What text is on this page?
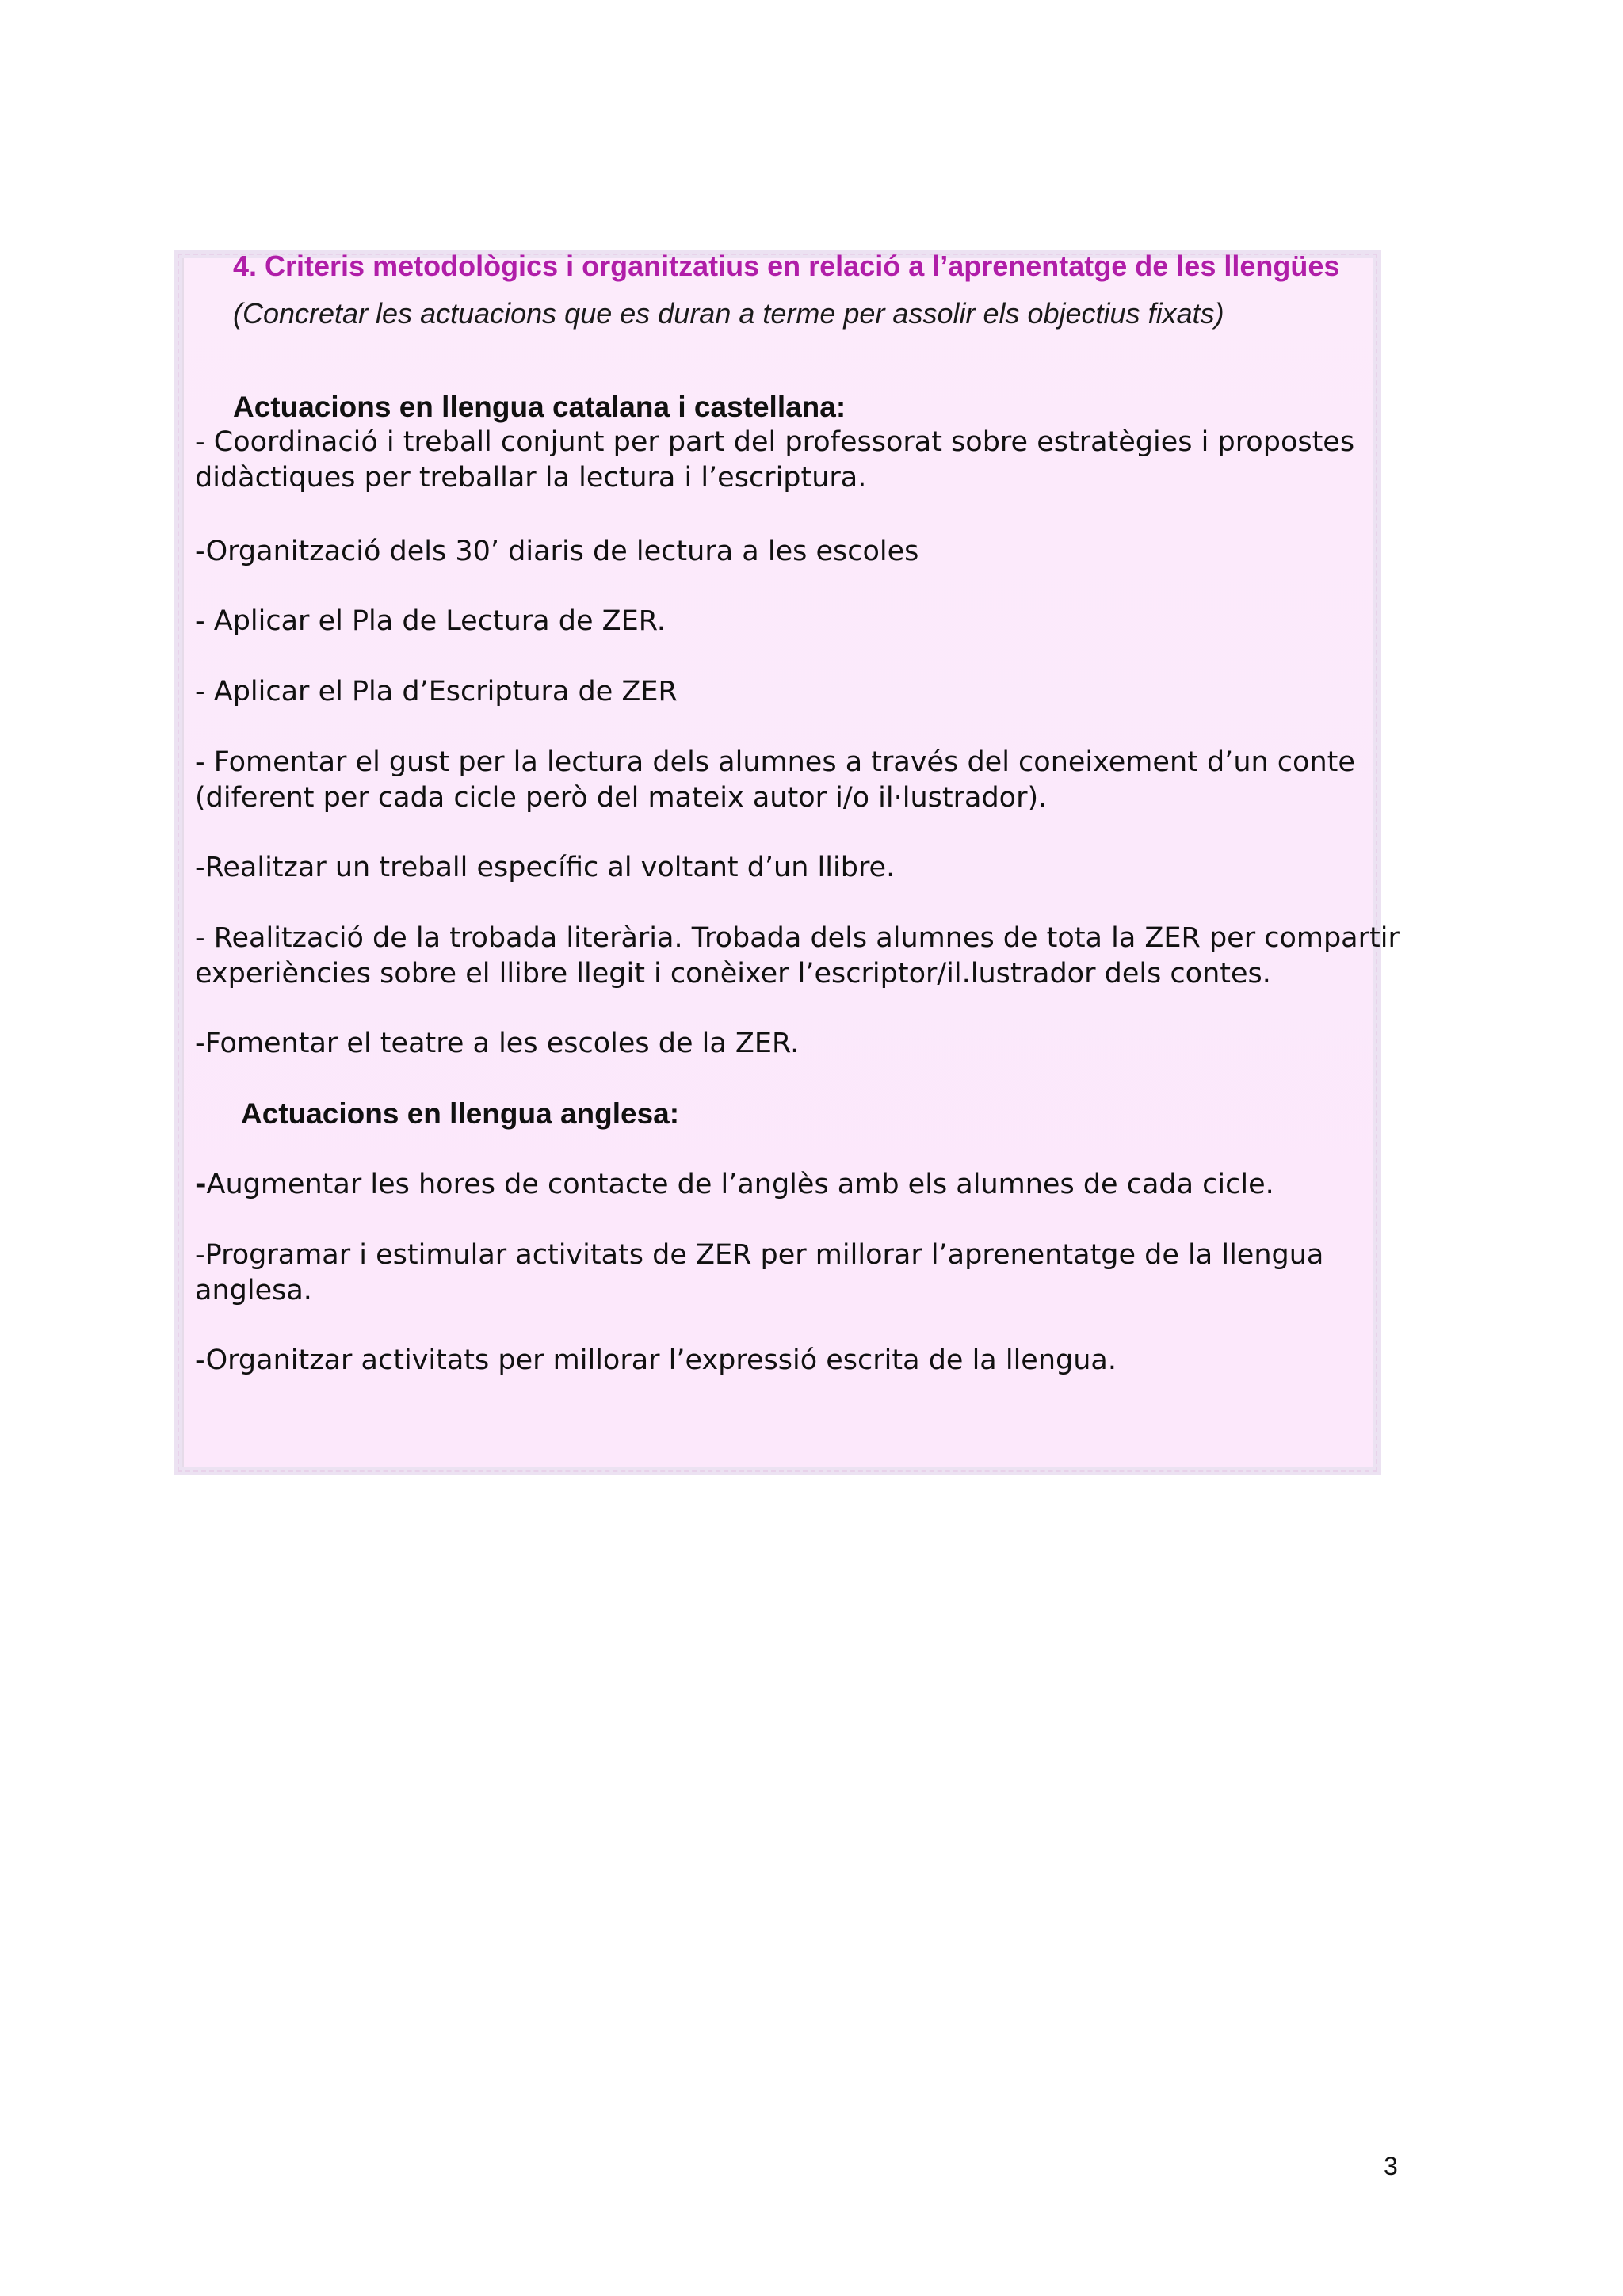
4. Criteris metodològics i organitzatius en relació a l’aprenentatge de les llengües
(Concretar les actuacions que es duran a terme per assolir els objectius fixats)
Actuacions en llengua catalana i castellana:

- Coordinació i treball conjunt per part del professorat sobre estratègies i propostes
didàctiques per treballar la lectura i l’escriptura.

-Organització dels 30’ diaris de lectura a les escoles

- Aplicar el Pla de Lectura de ZER.

- Aplicar el Pla d’Escriptura de ZER

- Fomentar el gust per la lectura dels alumnes a través del coneixement d’un conte
(diferent per cada cicle però del mateix autor i/o il·lustrador).

-Realitzar un treball específic al voltant d’un llibre.

- Realització de la trobada literària. Trobada dels alumnes de tota la ZER per compartir
experiències sobre el llibre llegit i conèixer l’escriptor/il.lustrador dels contes.

-Fomentar el teatre a les escoles de la ZER.

Actuacions en llengua anglesa:

-Augmentar les hores de contacte de l’anglès amb els alumnes de cada cicle.

-Programar i estimular activitats de ZER per millorar l’aprenentatge de la llengua
anglesa.

-Organitzar activitats per millorar l’expressió escrita de la llengua.

3
